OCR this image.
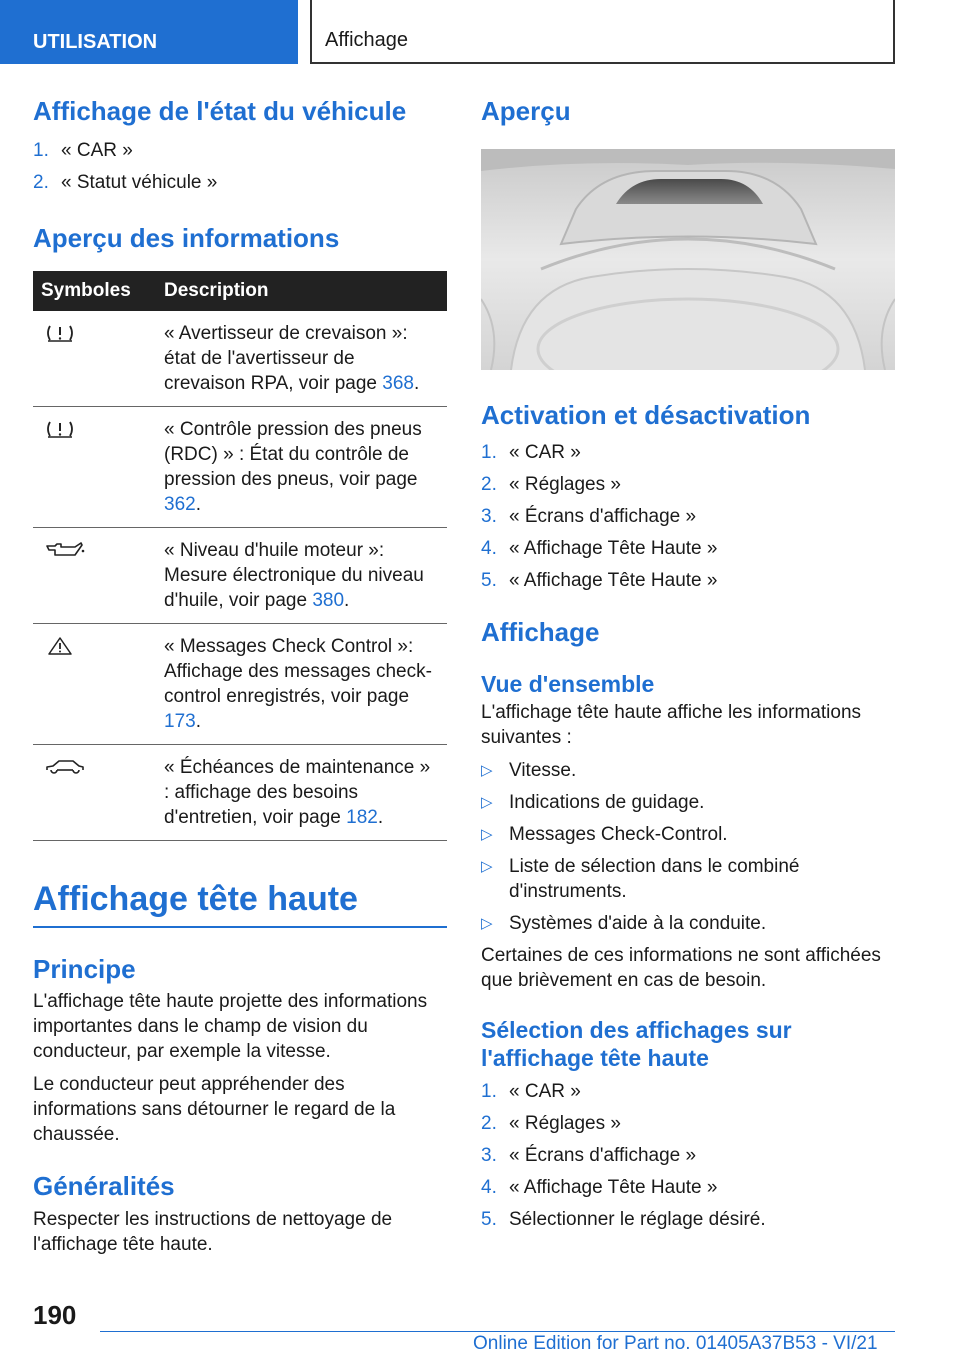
UTILISATION	Affichage
Affichage de l'état du véhicule
1. « CAR »
2. « Statut véhicule »
Aperçu des informations
Symboles	Description

	« Avertisseur de crevaison »: état de l'avertisseur de crevaison RPA, voir page 368.

	« Contrôle pression des pneus (RDC) » : État du contrôle de pression des pneus, voir page 362.

	« Niveau d'huile moteur »: Mesure électronique du niveau d'huile, voir page 380.

	« Messages Check Control »: Affichage des messages check-control enregistrés, voir page 173.

	« Échéances de maintenance » : affichage des besoins d'entretien, voir page 182.
Affichage tête haute
Principe

L'affichage tête haute projette des informations importantes dans le champ de vision du conducteur, par exemple la vitesse.

Le conducteur peut appréhender des informations sans détourner le regard de la chaussée.

Généralités

Respecter les instructions de nettoyage de l'affichage tête haute.

Aperçu
Activation et désactivation
1. « CAR »
2. « Réglages »
3. « Écrans d'affichage »
4. « Affichage Tête Haute »
5. « Affichage Tête Haute »
Affichage
Vue d'ensemble

L'affichage tête haute affiche les informations suivantes :

▷ Vitesse.
▷ Indications de guidage.
▷ Messages Check-Control.
▷ Liste de sélection dans le combiné d'instruments.
▷ Systèmes d'aide à la conduite.

Certaines de ces informations ne sont affichées que brièvement en cas de besoin.

Sélection des affichages sur l'affichage tête haute
1. « CAR »
2. « Réglages »
3. « Écrans d'affichage »
4. « Affichage Tête Haute »
5. Sélectionner le réglage désiré.
190
Online Edition for Part no. 01405A37B53 - VI/21
